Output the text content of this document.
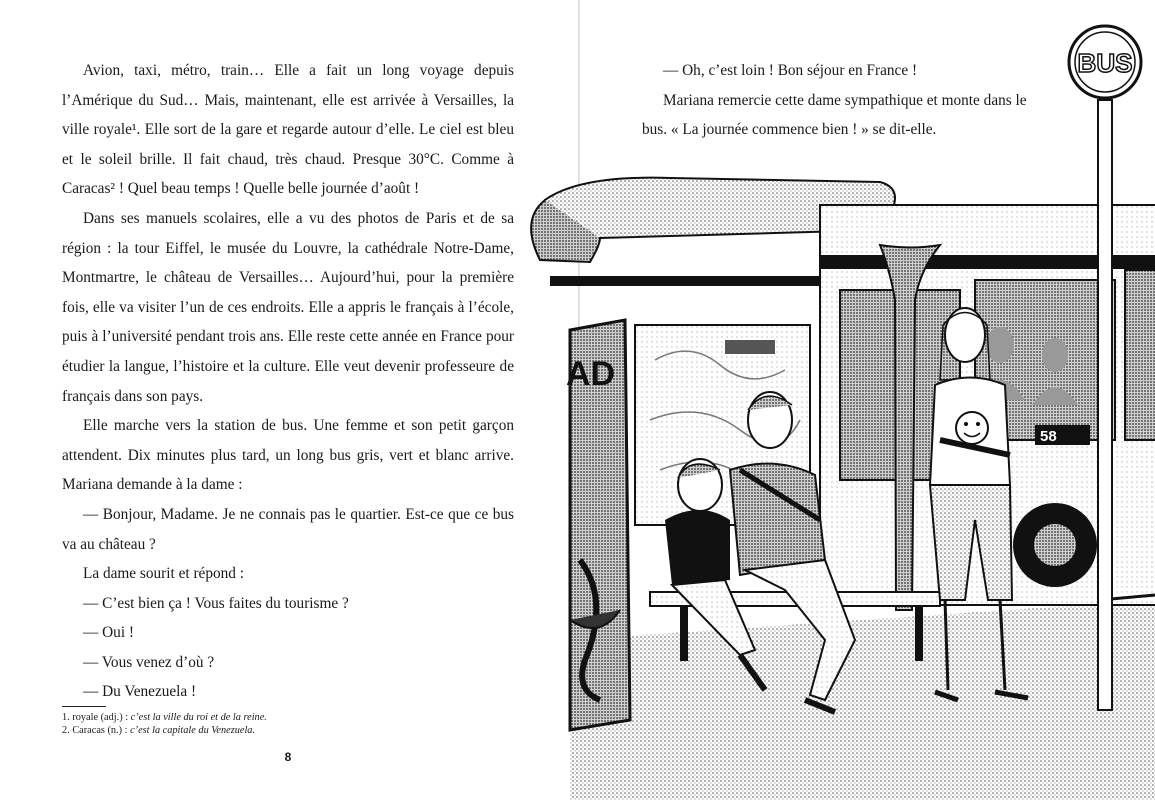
Avion, taxi, métro, train… Elle a fait un long voyage depuis l’Amérique du Sud… Mais, maintenant, elle est arrivée à Versailles, la ville royale¹. Elle sort de la gare et regarde autour d’elle. Le ciel est bleu et le soleil brille. Il fait chaud, très chaud. Presque 30°C. Comme à Caracas² ! Quel beau temps ! Quelle belle journée d’août !

Dans ses manuels scolaires, elle a vu des photos de Paris et de sa région : la tour Eiffel, le musée du Louvre, la cathédrale Notre-Dame, Montmartre, le château de Versailles… Aujourd’hui, pour la première fois, elle va visiter l’un de ces endroits. Elle a appris le français à l’école, puis à l’université pendant trois ans. Elle reste cette année en France pour étudier la langue, l’histoire et la culture. Elle veut devenir professeure de français dans son pays.

Elle marche vers la station de bus. Une femme et son petit garçon attendent. Dix minutes plus tard, un long bus gris, vert et blanc arrive. Mariana demande à la dame :

— Bonjour, Madame. Je ne connais pas le quartier. Est-ce que ce bus va au château ?

La dame sourit et répond :

— C’est bien ça ! Vous faites du tourisme ?

— Oui !

— Vous venez d’où ?

— Du Venezuela !

1. royale (adj.) : c’est la ville du roi et de la reine.
2. Caracas (n.) : c’est la capitale du Venezuela.
8
58
AD
BUS

— Oh, c’est loin ! Bon séjour en France !

Mariana remercie cette dame sympathique et monte dans le bus. « La journée commence bien ! » se dit-elle.
